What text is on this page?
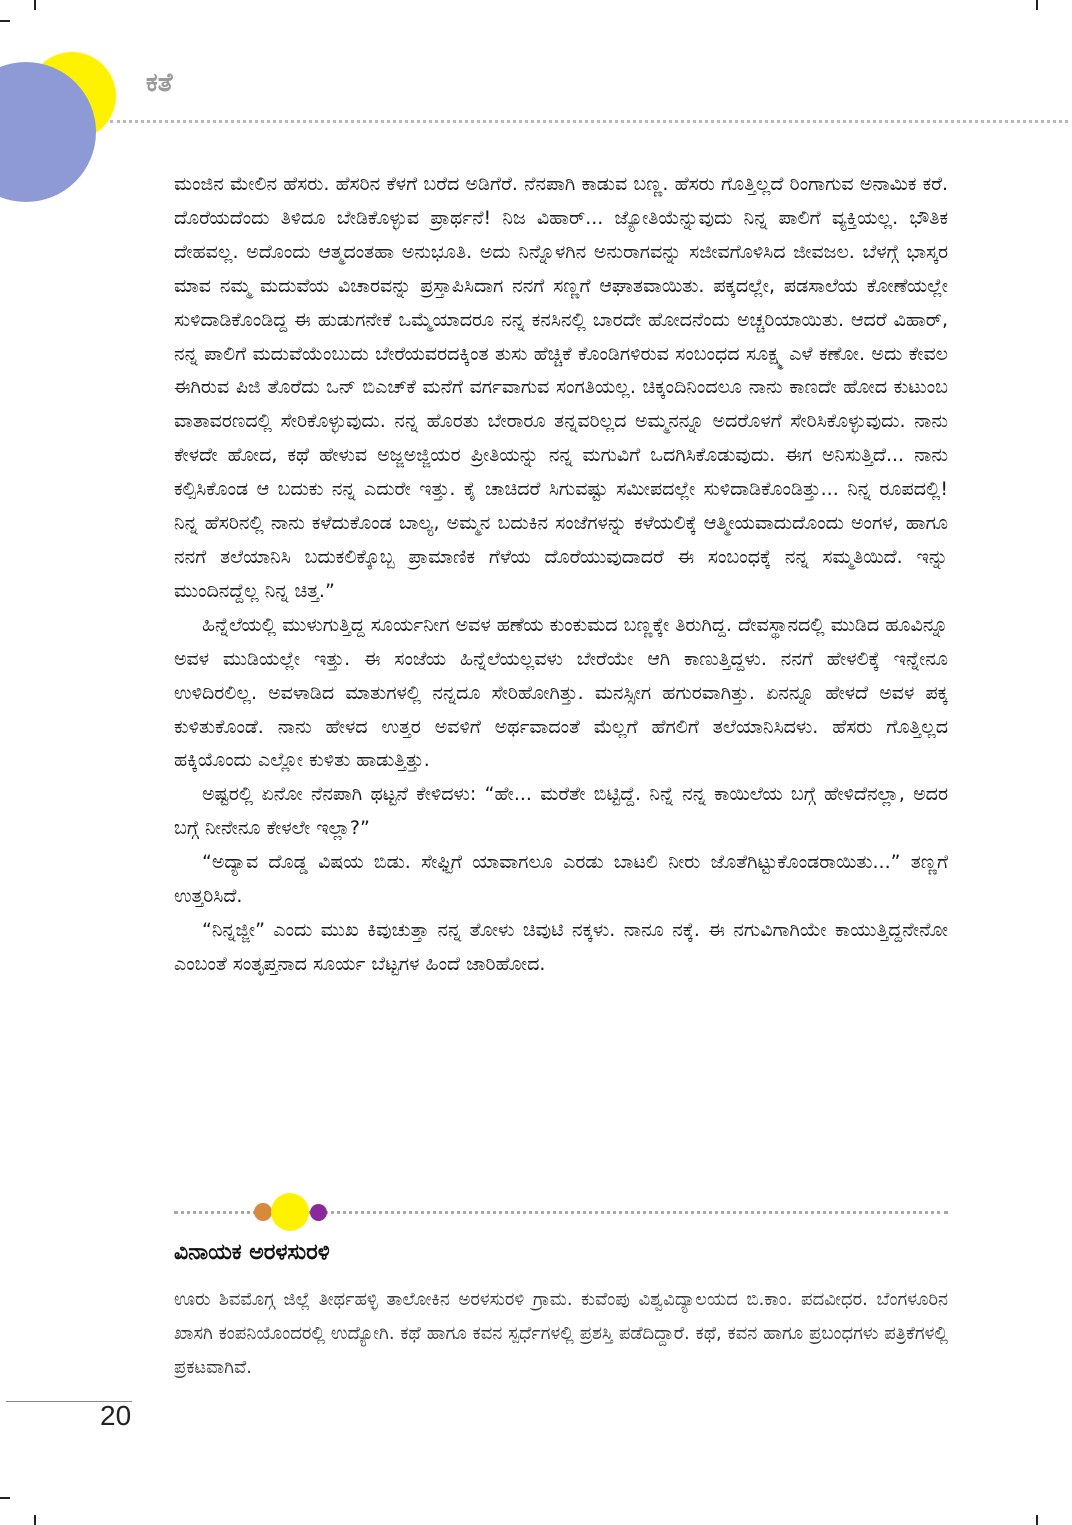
ಕತೆ

ಮಂಜಿನ ಮೇಲಿನ ಹೆಸರು. ಹೆಸರಿನ ಕೆಳಗೆ ಬರೆದ ಅಡಿಗೆರೆ. ನೆನಪಾಗಿ ಕಾಡುವ ಬಣ್ಣ. ಹೆಸರು ಗೊತ್ತಿಲ್ಲದೆ ರಿಂಗಾಗುವ ಅನಾಮಿಕ ಕರೆ. ದೊರೆಯದೆಂದು ತಿಳಿದೂ ಬೇಡಿಕೊಳ್ಳುವ ಪ್ರಾರ್ಥನೆ! ನಿಜ ವಿಹಾರ್... ಜ್ಯೋತಿಯೆನ್ನುವುದು ನಿನ್ನ ಪಾಲಿಗೆ ವ್ಯಕ್ತಿಯಲ್ಲ. ಭೌತಿಕ ದೇಹವಲ್ಲ. ಅದೊಂದು ಆತ್ಮದಂತಹಾ ಅನುಭೂತಿ. ಅದು ನಿನ್ನೊಳಗಿನ ಅನುರಾಗವನ್ನು ಸಜೀವಗೊಳಿಸಿದ ಜೀವಜಲ. ಬೆಳಗ್ಗೆ ಭಾಸ್ಕರ ಮಾವ ನಮ್ಮ ಮದುವೆಯ ವಿಚಾರವನ್ನು ಪ್ರಸ್ತಾಪಿಸಿದಾಗ ನನಗೆ ಸಣ್ಣಗೆ ಆಘಾತವಾಯಿತು. ಪಕ್ಕದಲ್ಲೇ, ಪಡಸಾಲೆಯ ಕೋಣೆಯಲ್ಲೇ ಸುಳಿದಾಡಿಕೊಂಡಿದ್ದ ಈ ಹುಡುಗನೇಕೆ ಒಮ್ಮೆಯಾದರೂ ನನ್ನ ಕನಸಿನಲ್ಲಿ ಬಾರದೇ ಹೋದನೆಂದು ಅಚ್ಚರಿಯಾಯಿತು. ಆದರೆ ವಿಹಾರ್, ನನ್ನ ಪಾಲಿಗೆ ಮದುವೆಯೆಂಬುದು ಬೇರೆಯವರದಕ್ಕಿಂತ ತುಸು ಹೆಚ್ಚಿಕೆ ಕೊಂಡಿಗಳಿರುವ ಸಂಬಂಧದ ಸೂಕ್ಷ್ಮ ಎಳೆ ಕಣೋ. ಅದು ಕೇವಲ ಈಗಿರುವ ಪಿಜಿ ತೊರೆದು ಒನ್ ಬಿಎಚ್‌ಕೆ ಮನೆಗೆ ವರ್ಗವಾಗುವ ಸಂಗತಿಯಲ್ಲ. ಚಿಕ್ಕಂದಿನಿಂದಲೂ ನಾನು ಕಾಣದೇ ಹೋದ ಕುಟುಂಬ ವಾತಾವರಣದಲ್ಲಿ ಸೇರಿಕೊಳ್ಳುವುದು. ನನ್ನ ಹೊರತು ಬೇರಾರೂ ತನ್ನವರಿಲ್ಲದ ಅಮ್ಮನನ್ನೂ ಅದರೊಳಗೆ ಸೇರಿಸಿಕೊಳ್ಳುವುದು. ನಾನು ಕೇಳದೇ ಹೋದ, ಕಥೆ ಹೇಳುವ ಅಜ್ಜಅಜ್ಜಿಯರ ಪ್ರೀತಿಯನ್ನು ನನ್ನ ಮಗುವಿಗೆ ಒದಗಿಸಿಕೊಡುವುದು. ಈಗ ಅನಿಸುತ್ತಿದೆ... ನಾನು ಕಲ್ಪಿಸಿಕೊಂಡ ಆ ಬದುಕು ನನ್ನ ಎದುರೇ ಇತ್ತು. ಕೈ ಚಾಚಿದರೆ ಸಿಗುವಷ್ಟು ಸಮೀಪದಲ್ಲೇ ಸುಳಿದಾಡಿಕೊಂಡಿತ್ತು... ನಿನ್ನ ರೂಪದಲ್ಲಿ! ನಿನ್ನ ಹೆಸರಿನಲ್ಲಿ ನಾನು ಕಳೆದುಕೊಂಡ ಬಾಲ್ಯ, ಅಮ್ಮನ ಬದುಕಿನ ಸಂಜೆಗಳನ್ನು ಕಳೆಯಲಿಕ್ಕೆ ಆತ್ಮೀಯವಾದುದೊಂದು ಅಂಗಳ, ಹಾಗೂ ನನಗೆ ತಲೆಯಾನಿಸಿ ಬದುಕಲಿಕ್ಕೊಬ್ಬ ಪ್ರಾಮಾಣಿಕ ಗೆಳೆಯ ದೊರೆಯುವುದಾದರೆ ಈ ಸಂಬಂಧಕ್ಕೆ ನನ್ನ ಸಮ್ಮತಿಯಿದೆ. ಇನ್ನು ಮುಂದಿನದ್ದೆಲ್ಲ ನಿನ್ನ ಚಿತ್ತ.”

ಹಿನ್ನೆಲೆಯಲ್ಲಿ ಮುಳುಗುತ್ತಿದ್ದ ಸೂರ್ಯನೀಗ ಅವಳ ಹಣೆಯ ಕುಂಕುಮದ ಬಣ್ಣಕ್ಕೇ ತಿರುಗಿದ್ದ. ದೇವಸ್ಥಾನದಲ್ಲಿ ಮುಡಿದ ಹೂವಿನ್ನೂ ಅವಳ ಮುಡಿಯಲ್ಲೇ ಇತ್ತು. ಈ ಸಂಜೆಯ ಹಿನ್ನೆಲೆಯಲ್ಲವಳು ಬೇರೆಯೇ ಆಗಿ ಕಾಣುತ್ತಿದ್ದಳು. ನನಗೆ ಹೇಳಲಿಕ್ಕೆ ಇನ್ನೇನೂ ಉಳಿದಿರಲಿಲ್ಲ. ಅವಳಾಡಿದ ಮಾತುಗಳಲ್ಲಿ ನನ್ನದೂ ಸೇರಿಹೋಗಿತ್ತು. ಮನಸ್ಸೀಗ ಹಗುರವಾಗಿತ್ತು. ಏನನ್ನೂ ಹೇಳದೆ ಅವಳ ಪಕ್ಕ ಕುಳಿತುಕೊಂಡೆ. ನಾನು ಹೇಳದ ಉತ್ತರ ಅವಳಿಗೆ ಅರ್ಥವಾದಂತೆ ಮೆಲ್ಲಗೆ ಹೆಗಲಿಗೆ ತಲೆಯಾನಿಸಿದಳು. ಹೆಸರು ಗೊತ್ತಿಲ್ಲದ ಹಕ್ಕಿಯೊಂದು ಎಲ್ಲೋ ಕುಳಿತು ಹಾಡುತ್ತಿತ್ತು.

ಅಷ್ಟರಲ್ಲಿ ಏನೋ ನೆನಪಾಗಿ ಥಟ್ಟನೆ ಕೇಳಿದಳು: “ಹೇ... ಮರೆತೇ ಬಿಟ್ಟಿದ್ದೆ. ನಿನ್ನೆ ನನ್ನ ಕಾಯಿಲೆಯ ಬಗ್ಗೆ ಹೇಳಿದೆನಲ್ಲಾ, ಅದರ ಬಗ್ಗೆ ನೀನೇನೂ ಕೇಳಲೇ ಇಲ್ಲಾ?”

“ಅದ್ಯಾವ ದೊಡ್ಡ ವಿಷಯ ಬಿಡು. ಸೇಫ್ಟಿಗೆ ಯಾವಾಗಲೂ ಎರಡು ಬಾಟಲಿ ನೀರು ಜೊತೆಗಿಟ್ಟುಕೊಂಡರಾಯಿತು...” ತಣ್ಣಗೆ ಉತ್ತರಿಸಿದೆ.

“ನಿನ್ನಜ್ಜೀ” ಎಂದು ಮುಖ ಕಿವುಚುತ್ತಾ ನನ್ನ ತೋಳು ಚಿವುಟಿ ನಕ್ಕಳು. ನಾನೂ ನಕ್ಕೆ. ಈ ನಗುವಿಗಾಗಿಯೇ ಕಾಯುತ್ತಿದ್ದನೇನೋ ಎಂಬಂತೆ ಸಂತೃಪ್ತನಾದ ಸೂರ್ಯ ಬೆಟ್ಟಗಳ ಹಿಂದೆ ಜಾರಿಹೋದ.

ವಿನಾಯಕ ಅರಳಸುರಳಿ

ಊರು ಶಿವಮೊಗ್ಗ ಜಿಲ್ಲೆ ತೀರ್ಥಹಳ್ಳಿ ತಾಲೋಕಿನ ಅರಳಸುರಳಿ ಗ್ರಾಮ. ಕುವೆಂಪು ವಿಶ್ವವಿದ್ಯಾಲಯದ ಬಿ.ಕಾಂ. ಪದವೀಧರ. ಬೆಂಗಳೂರಿನ ಖಾಸಗಿ ಕಂಪನಿಯೊಂದರಲ್ಲಿ ಉದ್ಯೋಗಿ. ಕಥೆ ಹಾಗೂ ಕವನ ಸ್ಪರ್ಧೆಗಳಲ್ಲಿ ಪ್ರಶಸ್ತಿ ಪಡೆದಿದ್ದಾರೆ. ಕಥೆ, ಕವನ ಹಾಗೂ ಪ್ರಬಂಧಗಳು ಪತ್ರಿಕೆಗಳಲ್ಲಿ ಪ್ರಕಟವಾಗಿವೆ.

20
